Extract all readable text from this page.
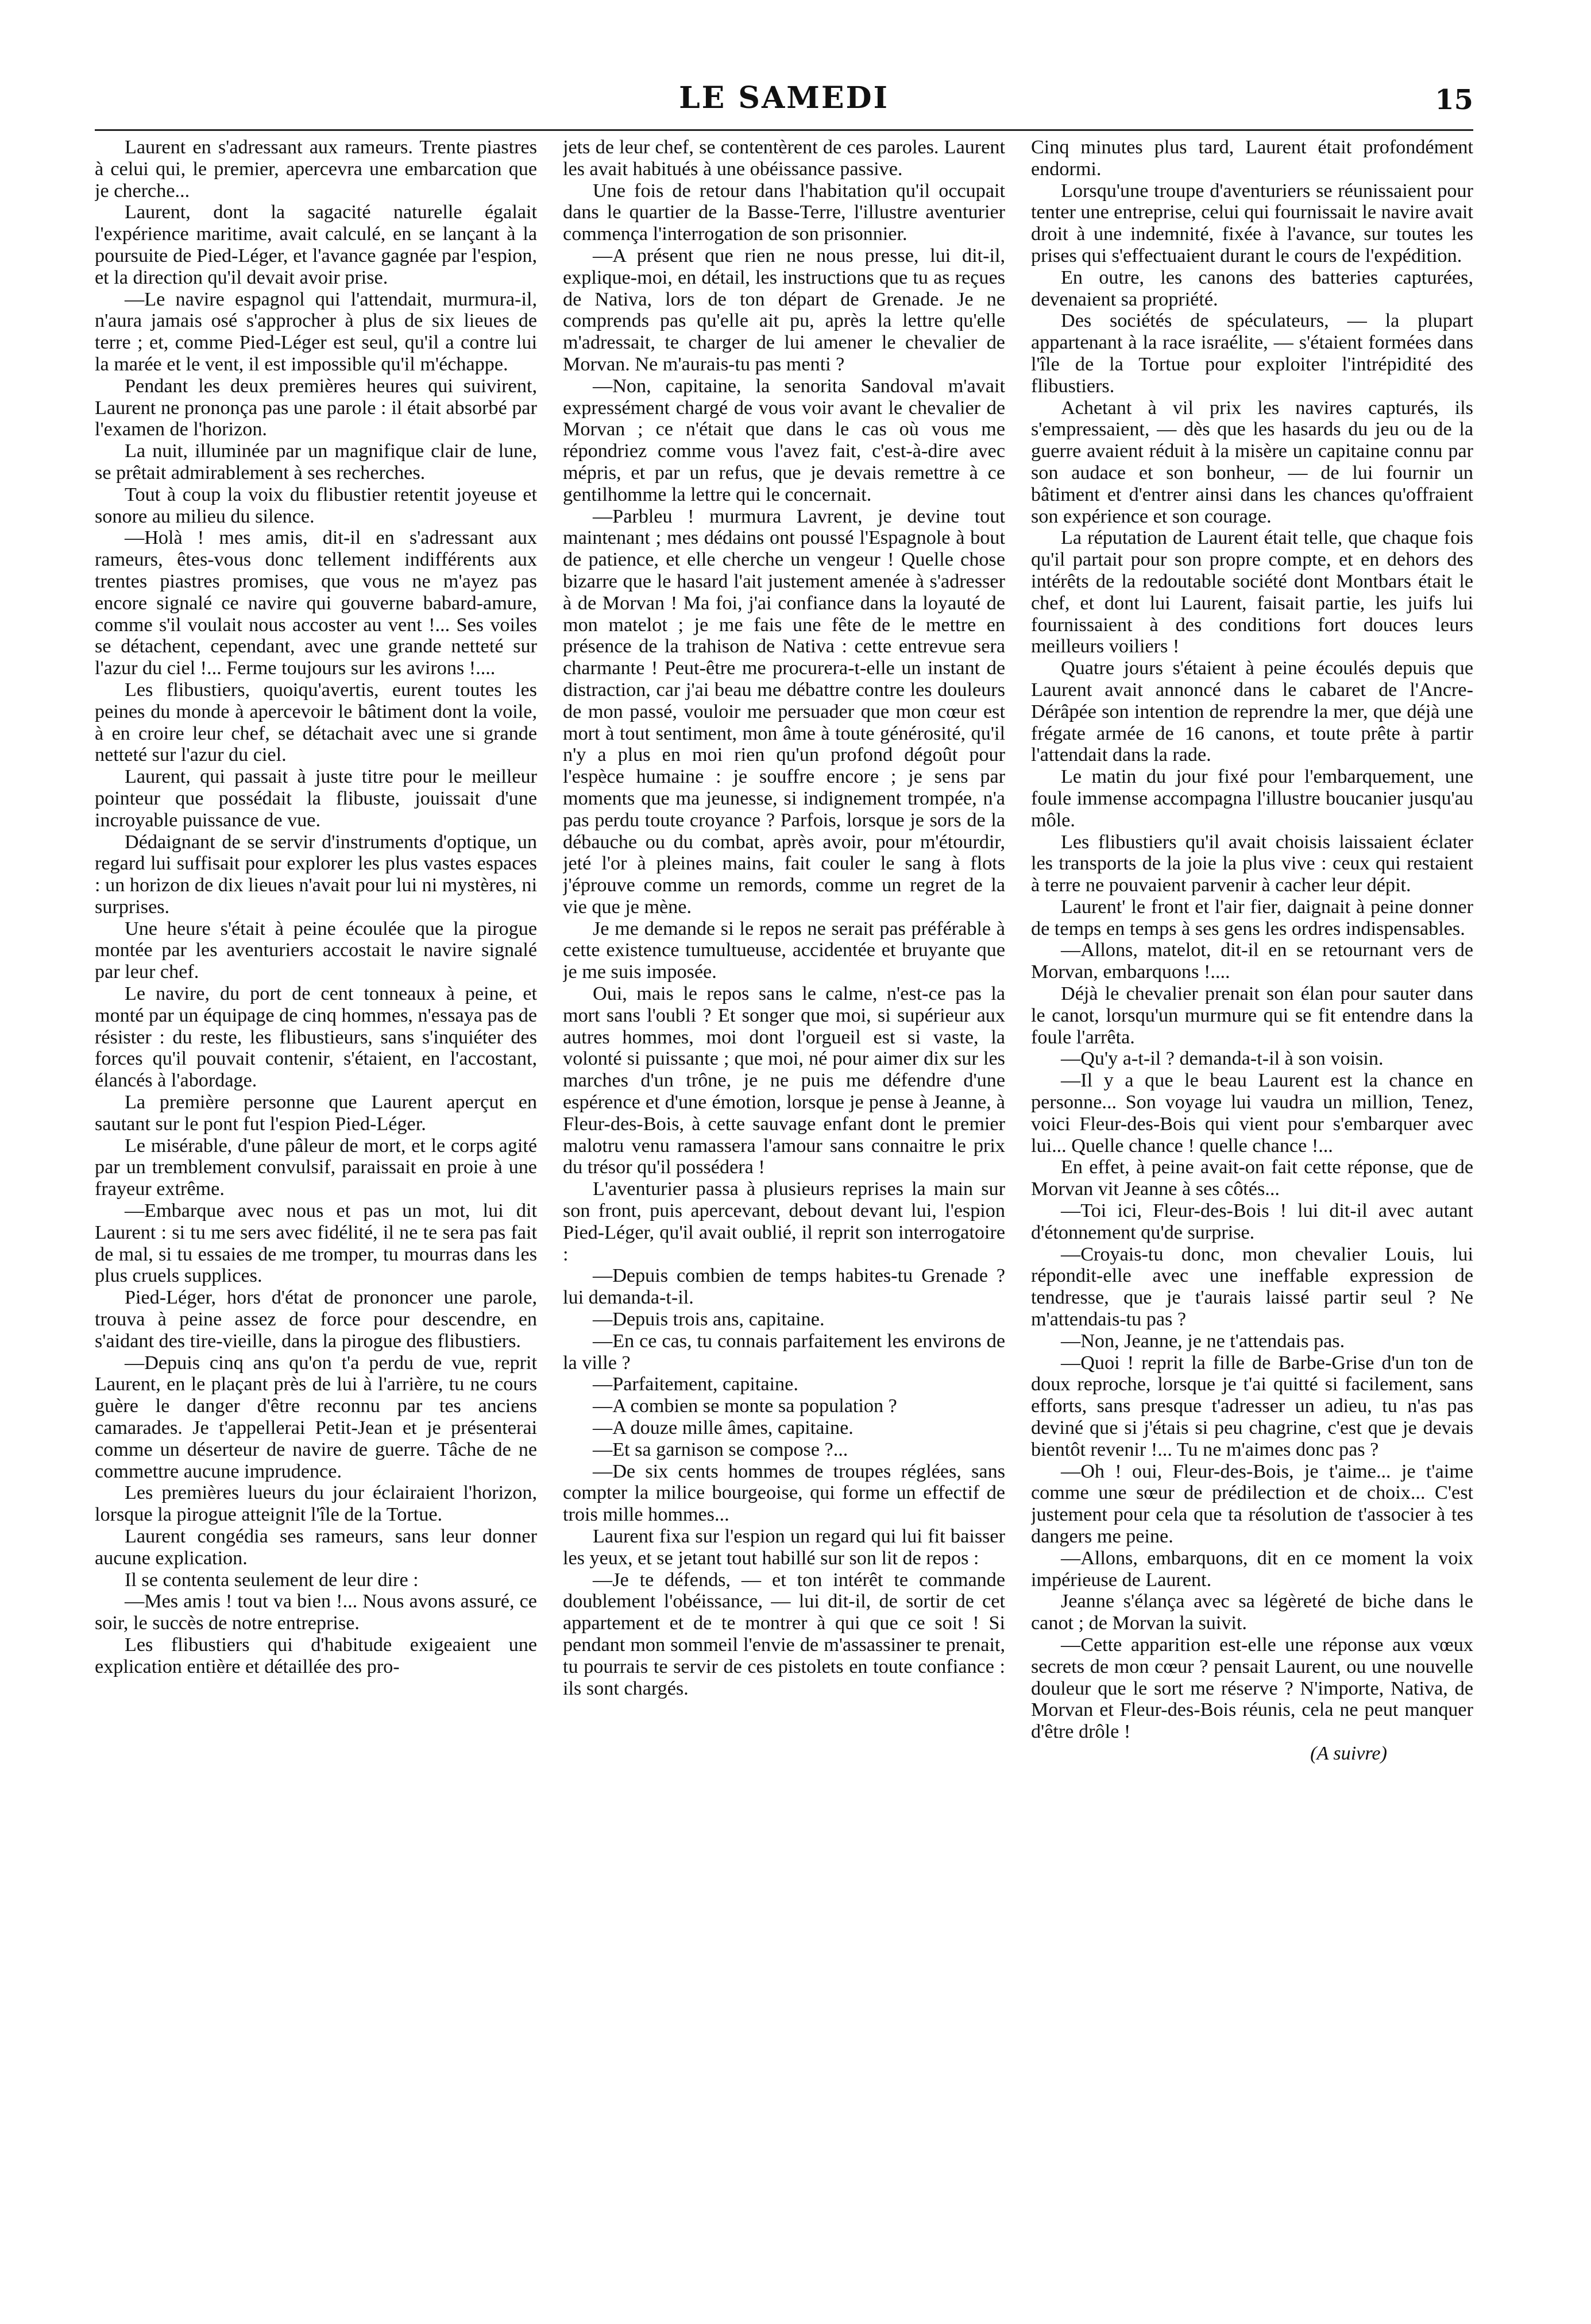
LE SAMEDI	15

Laurent en s'adressant aux rameurs. Trente piastres à celui qui, le premier, apercevra une embarcation que je cherche...

Laurent, dont la sagacité naturelle égalait l'expérience maritime, avait calculé, en se lançant à la poursuite de Pied-Léger, et l'avance gagnée par l'espion, et la direction qu'il devait avoir prise.

—Le navire espagnol qui l'attendait, murmura-il, n'aura jamais osé s'approcher à plus de six lieues de terre ; et, comme Pied-Léger est seul, qu'il a contre lui la marée et le vent, il est impossible qu'il m'échappe.

Pendant les deux premières heures qui suivirent, Laurent ne prononça pas une parole : il était absorbé par l'examen de l'horizon.

La nuit, illuminée par un magnifique clair de lune, se prêtait admirablement à ses recherches.

Tout à coup la voix du flibustier retentit joyeuse et sonore au milieu du silence.

—Holà ! mes amis, dit-il en s'adressant aux rameurs, êtes-vous donc tellement indifférents aux trentes piastres promises, que vous ne m'ayez pas encore signalé ce navire qui gouverne babard-amure, comme s'il voulait nous accoster au vent !... Ses voiles se détachent, cependant, avec une grande netteté sur l'azur du ciel !... Ferme toujours sur les avirons !....

Les flibustiers, quoiqu'avertis, eurent toutes les peines du monde à apercevoir le bâtiment dont la voile, à en croire leur chef, se détachait avec une si grande netteté sur l'azur du ciel.

Laurent, qui passait à juste titre pour le meilleur pointeur que possédait la flibuste, jouissait d'une incroyable puissance de vue.

Dédaignant de se servir d'instruments d'optique, un regard lui suffisait pour explorer les plus vastes espaces : un horizon de dix lieues n'avait pour lui ni mystères, ni surprises.

Une heure s'était à peine écoulée que la pirogue montée par les aventuriers accostait le navire signalé par leur chef.

Le navire, du port de cent tonneaux à peine, et monté par un équipage de cinq hommes, n'essaya pas de résister : du reste, les flibustieurs, sans s'inquiéter des forces qu'il pouvait contenir, s'étaient, en l'accostant, élancés à l'abordage.

La première personne que Laurent aperçut en sautant sur le pont fut l'espion Pied-Léger.

Le misérable, d'une pâleur de mort, et le corps agité par un tremblement convulsif, paraissait en proie à une frayeur extrême.

—Embarque avec nous et pas un mot, lui dit Laurent : si tu me sers avec fidélité, il ne te sera pas fait de mal, si tu essaies de me tromper, tu mourras dans les plus cruels supplices.

Pied-Léger, hors d'état de prononcer une parole, trouva à peine assez de force pour descendre, en s'aidant des tire-vieille, dans la pirogue des flibustiers.

—Depuis cinq ans qu'on t'a perdu de vue, reprit Laurent, en le plaçant près de lui à l'arrière, tu ne cours guère le danger d'être reconnu par tes anciens camarades. Je t'appellerai Petit-Jean et je présenterai comme un déserteur de navire de guerre. Tâche de ne commettre aucune imprudence.

Les premières lueurs du jour éclairaient l'horizon, lorsque la pirogue atteignit l'île de la Tortue.

Laurent congédia ses rameurs, sans leur donner aucune explication.

Il se contenta seulement de leur dire :

—Mes amis ! tout va bien !... Nous avons assuré, ce soir, le succès de notre entreprise.

Les flibustiers qui d'habitude exigeaient une explication entière et détaillée des pro-

jets de leur chef, se contentèrent de ces paroles. Laurent les avait habitués à une obéissance passive.

Une fois de retour dans l'habitation qu'il occupait dans le quartier de la Basse-Terre, l'illustre aventurier commença l'interrogation de son prisonnier.

—A présent que rien ne nous presse, lui dit-il, explique-moi, en détail, les instructions que tu as reçues de Nativa, lors de ton départ de Grenade. Je ne comprends pas qu'elle ait pu, après la lettre qu'elle m'adressait, te charger de lui amener le chevalier de Morvan. Ne m'aurais-tu pas menti ?

—Non, capitaine, la senorita Sandoval m'avait expressément chargé de vous voir avant le chevalier de Morvan ; ce n'était que dans le cas où vous me répondriez comme vous l'avez fait, c'est-à-dire avec mépris, et par un refus, que je devais remettre à ce gentilhomme la lettre qui le concernait.

—Parbleu ! murmura Lavrent, je devine tout maintenant ; mes dédains ont poussé l'Espagnole à bout de patience, et elle cherche un vengeur ! Quelle chose bizarre que le hasard l'ait justement amenée à s'adresser à de Morvan ! Ma foi, j'ai confiance dans la loyauté de mon matelot ; je me fais une fête de le mettre en présence de la trahison de Nativa : cette entrevue sera charmante ! Peut-être me procurera-t-elle un instant de distraction, car j'ai beau me débattre contre les douleurs de mon passé, vouloir me persuader que mon cœur est mort à tout sentiment, mon âme à toute générosité, qu'il n'y a plus en moi rien qu'un profond dégoût pour l'espèce humaine : je souffre encore ; je sens par moments que ma jeunesse, si indignement trompée, n'a pas perdu toute croyance ? Parfois, lorsque je sors de la débauche ou du combat, après avoir, pour m'étourdir, jeté l'or à pleines mains, fait couler le sang à flots j'éprouve comme un remords, comme un regret de la vie que je mène.

Je me demande si le repos ne serait pas préférable à cette existence tumultueuse, accidentée et bruyante que je me suis imposée.

Oui, mais le repos sans le calme, n'est-ce pas la mort sans l'oubli ? Et songer que moi, si supérieur aux autres hommes, moi dont l'orgueil est si vaste, la volonté si puissante ; que moi, né pour aimer dix sur les marches d'un trône, je ne puis me défendre d'une espérence et d'une émotion, lorsque je pense à Jeanne, à Fleur-des-Bois, à cette sauvage enfant dont le premier malotru venu ramassera l'amour sans connaitre le prix du trésor qu'il possédera !

L'aventurier passa à plusieurs reprises la main sur son front, puis apercevant, debout devant lui, l'espion Pied-Léger, qu'il avait oublié, il reprit son interrogatoire :

—Depuis combien de temps habites-tu Grenade ? lui demanda-t-il.

—Depuis trois ans, capitaine.

—En ce cas, tu connais parfaitement les environs de la ville ?

—Parfaitement, capitaine.

—A combien se monte sa population ?

—A douze mille âmes, capitaine.

—Et sa garnison se compose ?...

—De six cents hommes de troupes réglées, sans compter la milice bourgeoise, qui forme un effectif de trois mille hommes...

Laurent fixa sur l'espion un regard qui lui fit baisser les yeux, et se jetant tout habillé sur son lit de repos :

—Je te défends, — et ton intérêt te commande doublement l'obéissance, — lui dit-il, de sortir de cet appartement et de te montrer à qui que ce soit ! Si pendant mon sommeil l'envie de m'assassiner te prenait, tu pourrais te servir de ces pistolets en toute confiance : ils sont chargés.

Cinq minutes plus tard, Laurent était profondément endormi.

Lorsqu'une troupe d'aventuriers se réunissaient pour tenter une entreprise, celui qui fournissait le navire avait droit à une indemnité, fixée à l'avance, sur toutes les prises qui s'effectuaient durant le cours de l'expédition.

En outre, les canons des batteries capturées, devenaient sa propriété.

Des sociétés de spéculateurs, — la plupart appartenant à la race israélite, — s'étaient formées dans l'île de la Tortue pour exploiter l'intrépidité des flibustiers.

Achetant à vil prix les navires capturés, ils s'empressaient, — dès que les hasards du jeu ou de la guerre avaient réduit à la misère un capitaine connu par son audace et son bonheur, — de lui fournir un bâtiment et d'entrer ainsi dans les chances qu'offraient son expérience et son courage.

La réputation de Laurent était telle, que chaque fois qu'il partait pour son propre compte, et en dehors des intérêts de la redoutable société dont Montbars était le chef, et dont lui Laurent, faisait partie, les juifs lui fournissaient à des conditions fort douces leurs meilleurs voiliers !

Quatre jours s'étaient à peine écoulés depuis que Laurent avait annoncé dans le cabaret de l'Ancre-Dérâpée son intention de reprendre la mer, que déjà une frégate armée de 16 canons, et toute prête à partir l'attendait dans la rade.

Le matin du jour fixé pour l'embarquement, une foule immense accompagna l'illustre boucanier jusqu'au môle.

Les flibustiers qu'il avait choisis laissaient éclater les transports de la joie la plus vive : ceux qui restaient à terre ne pouvaient parvenir à cacher leur dépit.

Laurent' le front et l'air fier, daignait à peine donner de temps en temps à ses gens les ordres indispensables.

—Allons, matelot, dit-il en se retournant vers de Morvan, embarquons !....

Déjà le chevalier prenait son élan pour sauter dans le canot, lorsqu'un murmure qui se fit entendre dans la foule l'arrêta.

—Qu'y a-t-il ? demanda-t-il à son voisin.

—Il y a que le beau Laurent est la chance en personne... Son voyage lui vaudra un million, Tenez, voici Fleur-des-Bois qui vient pour s'embarquer avec lui... Quelle chance ! quelle chance !...

En effet, à peine avait-on fait cette réponse, que de Morvan vit Jeanne à ses côtés...

—Toi ici, Fleur-des-Bois ! lui dit-il avec autant d'étonnement qu'de surprise.

—Croyais-tu donc, mon chevalier Louis, lui répondit-elle avec une ineffable expression de tendresse, que je t'aurais laissé partir seul ? Ne m'attendais-tu pas ?

—Non, Jeanne, je ne t'attendais pas.

—Quoi ! reprit la fille de Barbe-Grise d'un ton de doux reproche, lorsque je t'ai quitté si facilement, sans efforts, sans presque t'adresser un adieu, tu n'as pas deviné que si j'étais si peu chagrine, c'est que je devais bientôt revenir !... Tu ne m'aimes donc pas ?

—Oh ! oui, Fleur-des-Bois, je t'aime... je t'aime comme une sœur de prédilection et de choix... C'est justement pour cela que ta résolution de t'associer à tes dangers me peine.

—Allons, embarquons, dit en ce moment la voix impérieuse de Laurent.

Jeanne s'élança avec sa légèreté de biche dans le canot ; de Morvan la suivit.

—Cette apparition est-elle une réponse aux vœux secrets de mon cœur ? pensait Laurent, ou une nouvelle douleur que le sort me réserve ? N'importe, Nativa, de Morvan et Fleur-des-Bois réunis, cela ne peut manquer d'être drôle !

(A suivre)
